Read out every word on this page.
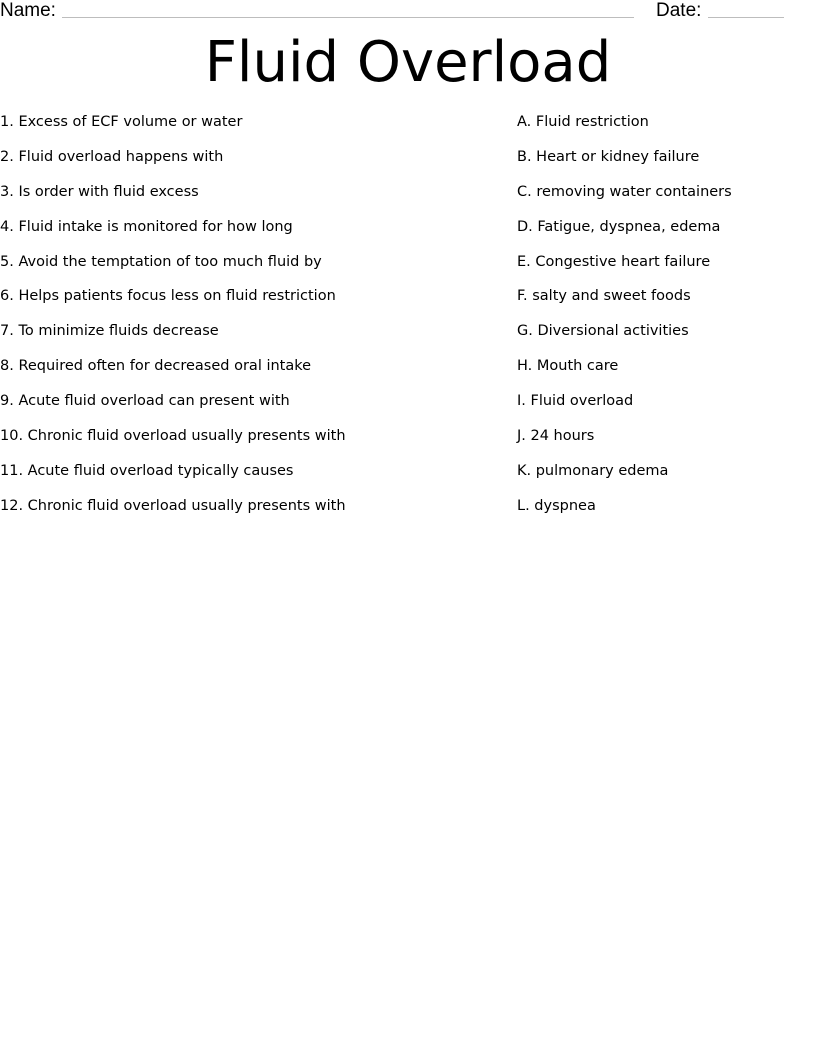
Name:	Date:
Fluid Overload
1. Excess of ECF volume or water
2. Fluid overload happens with
3. Is order with fluid excess
4. Fluid intake is monitored for how long
5. Avoid the temptation of too much fluid by
6. Helps patients focus less on fluid restriction
7. To minimize fluids decrease
8. Required often for decreased oral intake
9. Acute fluid overload can present with
10. Chronic fluid overload usually presents with
11. Acute fluid overload typically causes
12. Chronic fluid overload usually presents with
A. Fluid restriction
B. Heart or kidney failure
C. removing water containers
D. Fatigue, dyspnea, edema
E. Congestive heart failure
F. salty and sweet foods
G. Diversional activities
H. Mouth care
I. Fluid overload
J. 24 hours
K. pulmonary edema
L. dyspnea
